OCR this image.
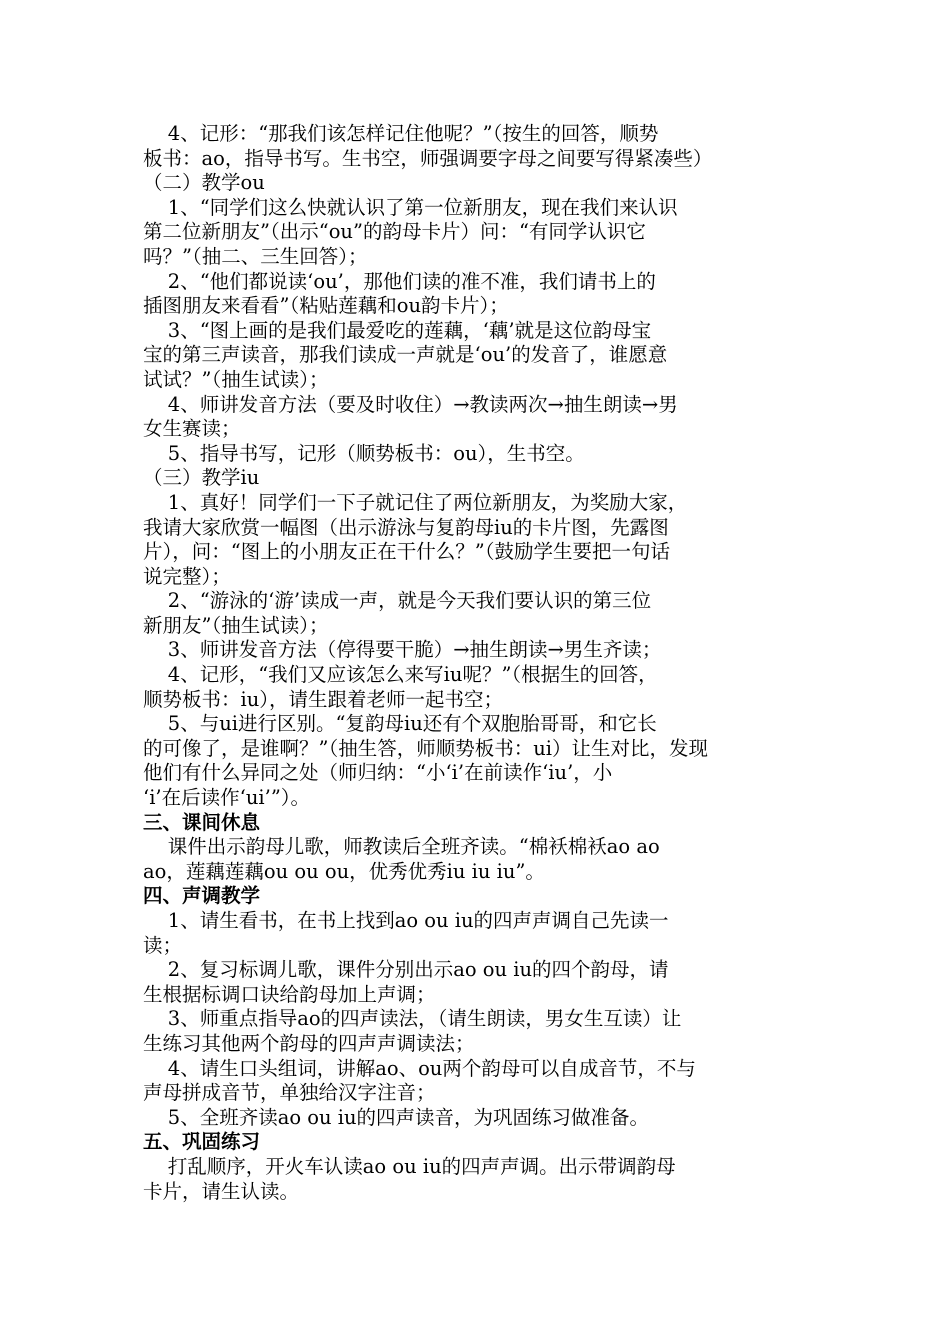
4、记形：“那我们该怎样记住他呢？”（按生的回答，顺势
板书：ao，指导书写。生书空，师强调要字母之间要写得紧凑些）
（二）教学ou
1、“同学们这么快就认识了第一位新朋友，现在我们来认识
第二位新朋友”（出示“ou”的韵母卡片）问：“有同学认识它
吗？”（抽二、三生回答）；
2、“他们都说读‘ou’，那他们读的准不准，我们请书上的
插图朋友来看看”（粘贴莲藕和ou韵卡片）；
3、“图上画的是我们最爱吃的莲藕，‘藕’就是这位韵母宝
宝的第三声读音，那我们读成一声就是‘ou’的发音了，谁愿意
试试？”（抽生试读）；
4、师讲发音方法（要及时收住）→教读两次→抽生朗读→男
女生赛读；
5、指导书写，记形（顺势板书：ou），生书空。
（三）教学iu
1、真好！同学们一下子就记住了两位新朋友，为奖励大家，
我请大家欣赏一幅图（出示游泳与复韵母iu的卡片图，先露图
片），问：“图上的小朋友正在干什么？”（鼓励学生要把一句话
说完整）；
2、“游泳的‘游’读成一声，就是今天我们要认识的第三位
新朋友”（抽生试读）；
3、师讲发音方法（停得要干脆）→抽生朗读→男生齐读；
4、记形，“我们又应该怎么来写iu呢？”（根据生的回答，
顺势板书：iu），请生跟着老师一起书空；
5、与ui进行区别。“复韵母iu还有个双胞胎哥哥，和它长
的可像了，是谁啊？”（抽生答，师顺势板书：ui）让生对比，发现
他们有什么异同之处（师归纳：“小‘i’在前读作‘iu’，小
‘i’在后读作‘ui’”）。
三、课间休息
课件出示韵母儿歌，师教读后全班齐读。“棉袄棉袄ao ao
ao，莲藕莲藕ou ou ou，优秀优秀iu iu iu”。
四、声调教学
1、请生看书，在书上找到ao ou iu的四声声调自己先读一
读；
2、复习标调儿歌，课件分别出示ao ou iu的四个韵母，请
生根据标调口诀给韵母加上声调；
3、师重点指导ao的四声读法，（请生朗读，男女生互读）让
生练习其他两个韵母的四声声调读法；
4、请生口头组词，讲解ao、ou两个韵母可以自成音节，不与
声母拼成音节，单独给汉字注音；
5、全班齐读ao ou iu的四声读音，为巩固练习做准备。
五、巩固练习
打乱顺序，开火车认读ao ou iu的四声声调。出示带调韵母
卡片，请生认读。
